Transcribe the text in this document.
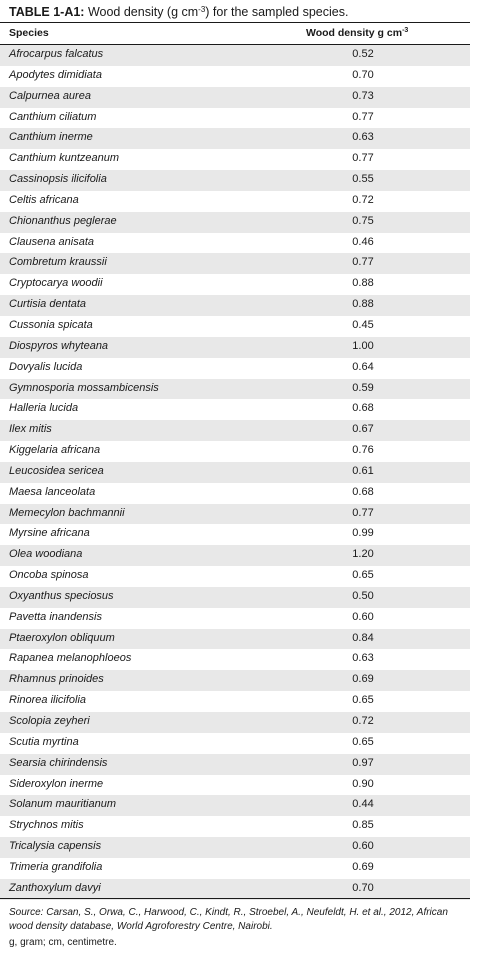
TABLE 1-A1: Wood density (g $cm^{-3}$) for the sampled species.
Species	Wood density g $cm^{-3}$
Afrocarpus falcatus	0.52
Apodytes dimidiata	0.70
Calpurnea aurea	0.73
Canthium ciliatum	0.77
Canthium inerme	0.63
Canthium kuntzeanum	0.77
Cassinopsis ilicifolia	0.55
Celtis africana	0.72
Chionanthus peglerae	0.75
Clausena anisata	0.46
Combretum kraussii	0.77
Cryptocarya woodii	0.88
Curtisia dentata	0.88
Cussonia spicata	0.45
Diospyros whyteana	1.00
Dovyalis lucida	0.64
Gymnosporia mossambicensis	0.59
Halleria lucida	0.68
Ilex mitis	0.67
Kiggelaria africana	0.76
Leucosidea sericea	0.61
Maesa lanceolata	0.68
Memecylon bachmannii	0.77
Myrsine africana	0.99
Olea woodiana	1.20
Oncoba spinosa	0.65
Oxyanthus speciosus	0.50
Pavetta inandensis	0.60
Ptaeroxylon obliquum	0.84
Rapanea melanophloeos	0.63
Rhamnus prinoides	0.69
Rinorea ilicifolia	0.65
Scolopia zeyheri	0.72
Scutia myrtina	0.65
Searsia chirindensis	0.97
Sideroxylon inerme	0.90
Solanum mauritianum	0.44
Strychnos mitis	0.85
Tricalysia capensis	0.60
Trimeria grandifolia	0.69
Zanthoxylum davyi	0.70
Source: Carsan, S., Orwa, C., Harwood, C., Kindt, R., Stroebel, A., Neufeldt, H. et al., 2012, African wood density database, World Agroforestry Centre, Nairobi.
g, gram; cm, centimetre.
